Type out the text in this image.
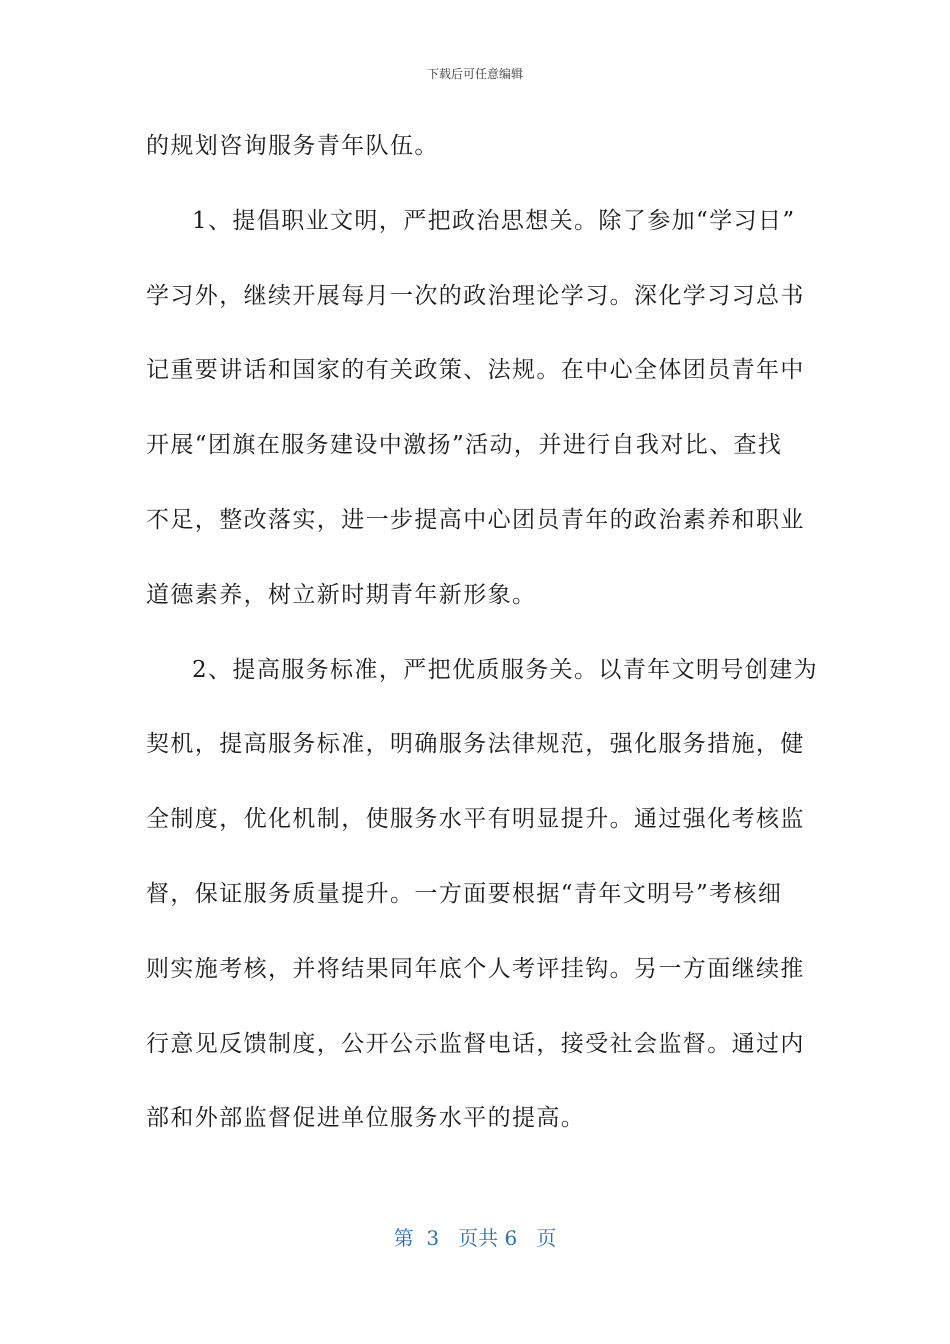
下载后可任意编辑
的规划咨询服务青年队伍。
1、提倡职业文明，严把政治思想关。除了参加“学习日”
学习外，继续开展每月一次的政治理论学习。深化学习习总书
记重要讲话和国家的有关政策、法规。在中心全体团员青年中
开展“团旗在服务建设中激扬”活动，并进行自我对比、查找
不足，整改落实，进一步提高中心团员青年的政治素养和职业
道德素养，树立新时期青年新形象。
2、提高服务标准，严把优质服务关。以青年文明号创建为
契机，提高服务标准，明确服务法律规范，强化服务措施，健
全制度，优化机制，使服务水平有明显提升。通过强化考核监
督，保证服务质量提升。一方面要根据“青年文明号”考核细
则实施考核，并将结果同年底个人考评挂钩。另一方面继续推
行意见反馈制度，公开公示监督电话，接受社会监督。通过内
部和外部监督促进单位服务水平的提高。
第  3   页共 6   页
